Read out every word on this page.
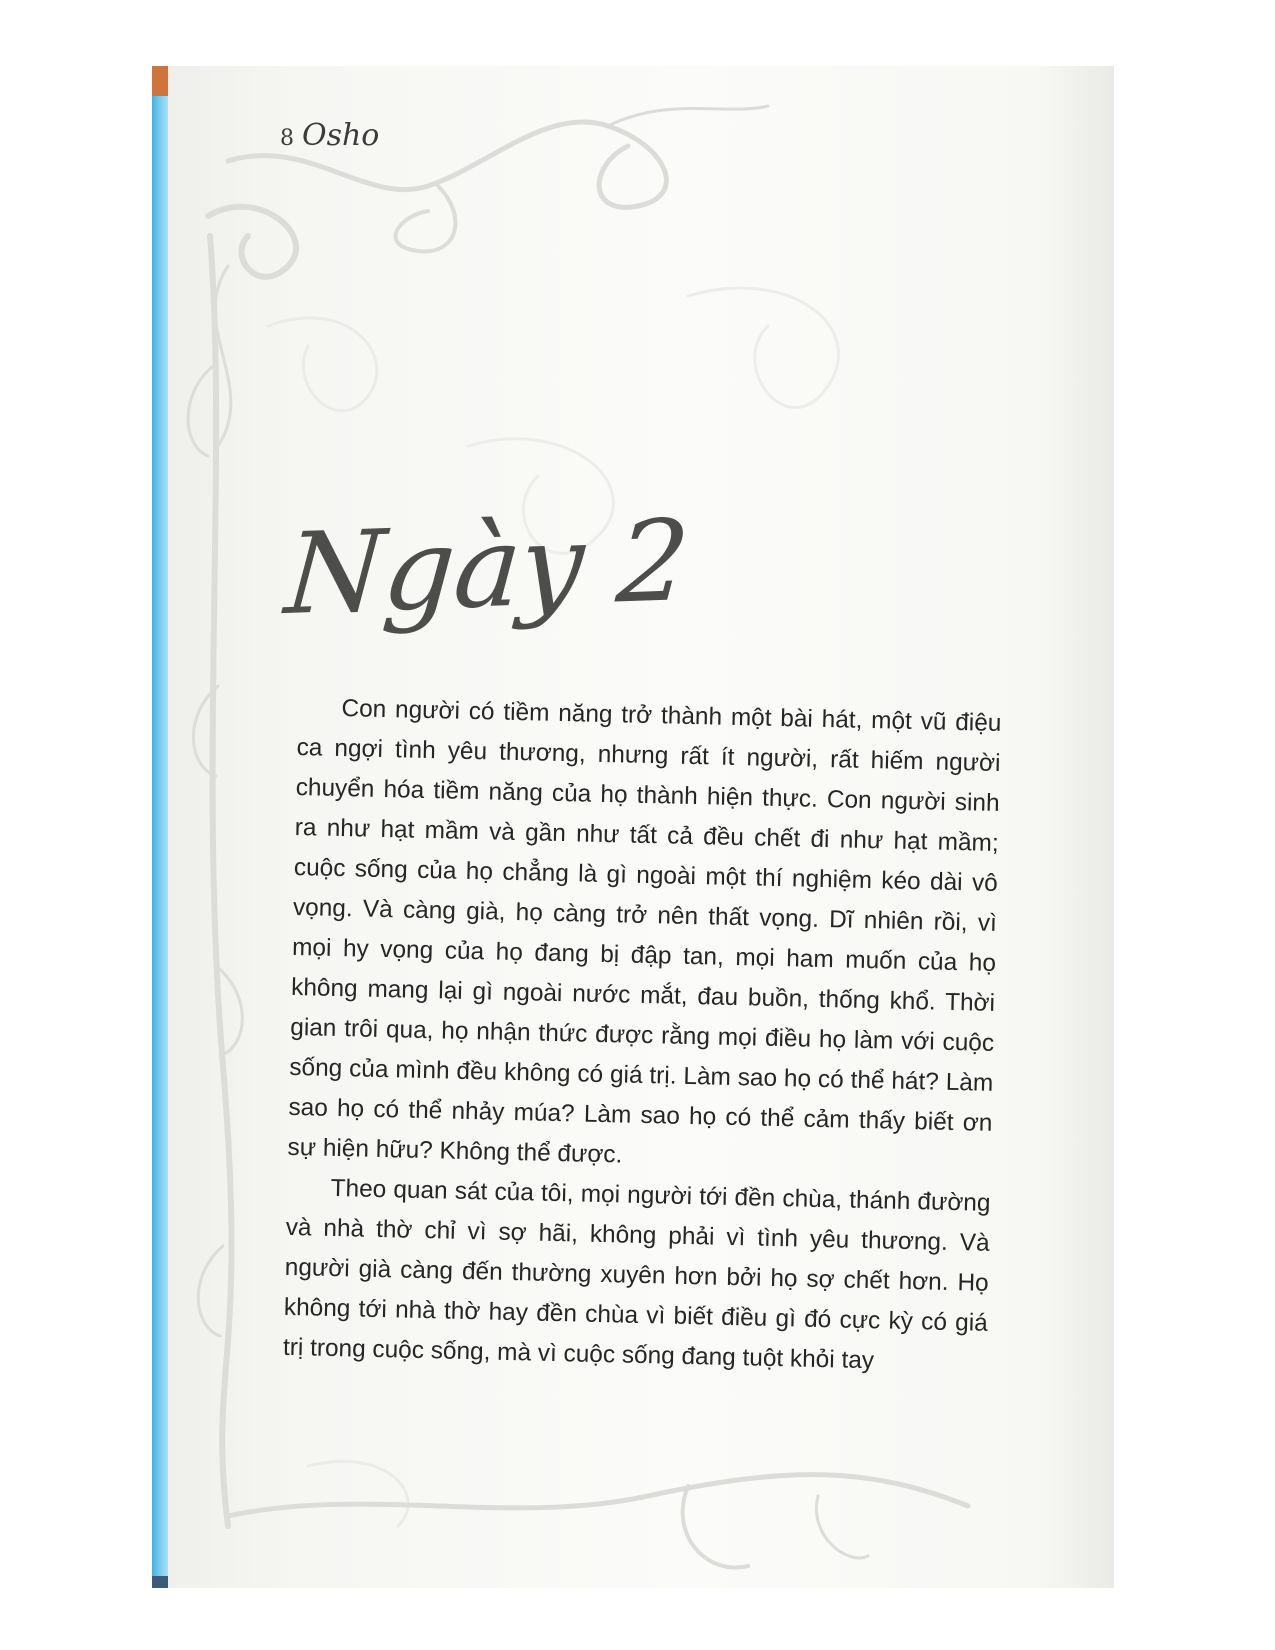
8 Osho
Ngày 2

Con người có tiềm năng trở thành một bài hát, một vũ điệu ca ngợi tình yêu thương, nhưng rất ít người, rất hiếm người chuyển hóa tiềm năng của họ thành hiện thực. Con người sinh ra như hạt mầm và gần như tất cả đều chết đi như hạt mầm; cuộc sống của họ chẳng là gì ngoài một thí nghiệm kéo dài vô vọng. Và càng già, họ càng trở nên thất vọng. Dĩ nhiên rồi, vì mọi hy vọng của họ đang bị đập tan, mọi ham muốn của họ không mang lại gì ngoài nước mắt, đau buồn, thống khổ. Thời gian trôi qua, họ nhận thức được rằng mọi điều họ làm với cuộc sống của mình đều không có giá trị. Làm sao họ có thể hát? Làm sao họ có thể nhảy múa? Làm sao họ có thể cảm thấy biết ơn sự hiện hữu? Không thể được.

Theo quan sát của tôi, mọi người tới đền chùa, thánh đường và nhà thờ chỉ vì sợ hãi, không phải vì tình yêu thương. Và người già càng đến thường xuyên hơn bởi họ sợ chết hơn. Họ không tới nhà thờ hay đền chùa vì biết điều gì đó cực kỳ có giá trị trong cuộc sống, mà vì cuộc sống đang tuột khỏi tay
